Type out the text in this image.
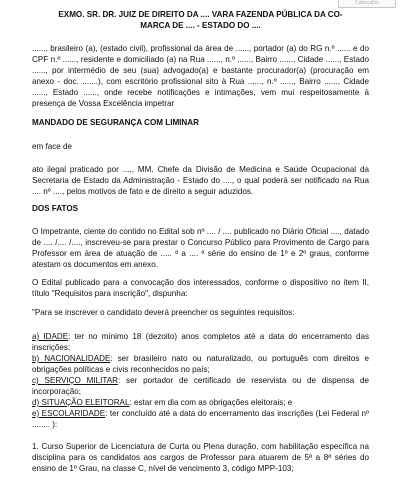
Cabeçalho
EXMO. SR. DR. JUIZ DE DIREITO DA .... VARA FAZENDA PÚBLICA DA CO-
MARCA DE .... - ESTADO DO ....

......, brasileiro (a), (estado civil), profissional da área de ......, portador (a) do RG n.º ...... e do CPF n.º ......, residente e domiciliado (a) na Rua ......, n.º ......, Bairro ......, Cidade ......, Estado ......, por intermédio de seu (sua) advogado(a) e bastante procurador(a) (procuração em anexo - doc. .......), com escritório profissional sito à Rua ......, n.º ......, Bairro ......, Cidade ......, Estado ......, onde recebe notificações e intimações, vem mui respeitosamente à presença de Vossa Excelência impetrar

MANDADO DE SEGURANÇA COM LIMINAR

em face de

ato ilegal praticado por ...., MM. Chefe da Divisão de Medicina e Saúde Ocupacional da Secretaria de Estado da Administração - Estado do ...., o qual poderá ser notificado na Rua .... nº ...., pelos motivos de fato e de direito a seguir aduzidos.

DOS FATOS

O Impetrante, ciente do contido no Edital sob nº .... / .... publicado no Diário Oficial ...., datado de .... /.... /...., inscreveu-se para prestar o Concurso Público para Provimento de Cargo para Professor em área de atuação de ..... ª a .... ª série do ensino de 1º e 2º graus, conforme atestam os documentos em anexo.

O Edital publicado para a convocação dos interessados, conforme o dispositivo no item II, título "Requisitos para inscrição", dispunha:

"Para se inscrever o candidato deverá preencher os seguintes requisitos:

a) IDADE: ter no mínimo 18 (dezoito) anos completos até a data do encerramento das inscrições;
b) NACIONALIDADE: ser brasileiro nato ou naturalizado, ou português com direitos e obrigações políticas e civis reconhecidos no país;
c) SERVIÇO MILITAR: ser portador de certificado de reservista ou de dispensa de incorporação;
d) SITUAÇÃO ELEITORAL: estar em dia com as obrigações eleitorais; e
e) ESCOLARIDADE: ter concluído até a data do encerramento das inscrições (Lei Federal nº ........ ):

1. Curso Superior de Licenciatura de Curta ou Plena duração, com habilitação específica na disciplina para os candidatos aos cargos de Professor para atuarem de 5ª a 8ª séries do ensino de 1º Grau, na classe C, nível de vencimento 3, código MPP-103;
